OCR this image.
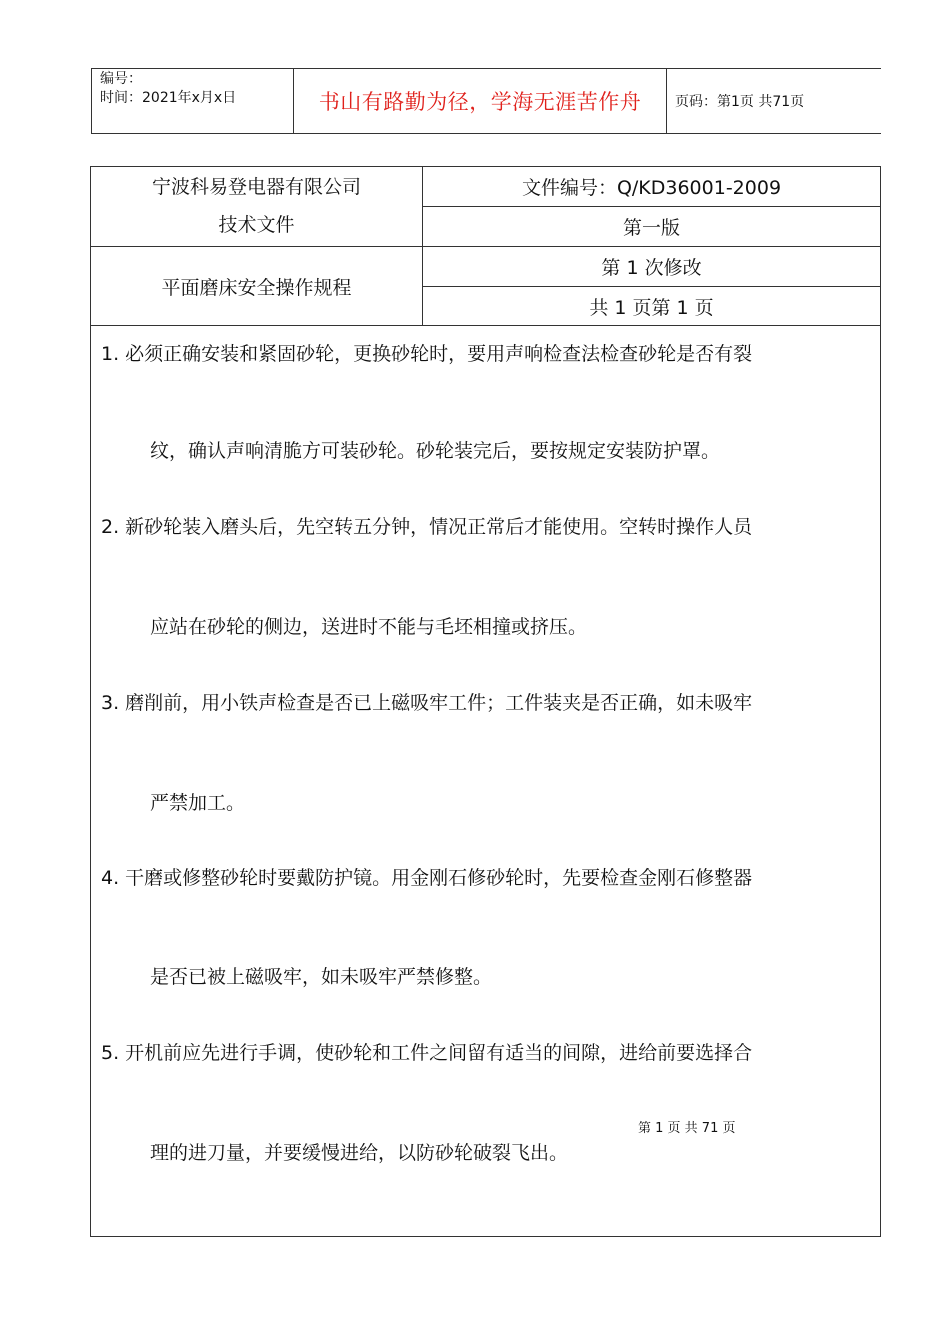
编号：
时间：2021年x月x日	书山有路勤为径，学海无涯苦作舟 页码：第1页 共71页
宁波科易登电器有限公司
技术文件
平面磨床安全操作规程
文件编号：Q/KD36001-2009
第一版
第 1 次修改
共 1 页第 1 页
1. 必须正确安装和紧固砂轮，更换砂轮时，要用声响检查法检查砂轮是否有裂
纹，确认声响清脆方可装砂轮。砂轮装完后，要按规定安装防护罩。
2. 新砂轮装入磨头后，先空转五分钟，情况正常后才能使用。空转时操作人员
应站在砂轮的侧边，送进时不能与毛坯相撞或挤压。
3. 磨削前，用小铁声检查是否已上磁吸牢工件；工件装夹是否正确，如未吸牢
严禁加工。
4. 干磨或修整砂轮时要戴防护镜。用金刚石修砂轮时，先要检查金刚石修整器
是否已被上磁吸牢，如未吸牢严禁修整。
5. 开机前应先进行手调，使砂轮和工件之间留有适当的间隙，进给前要选择合
理的进刀量，并要缓慢进给，以防砂轮破裂飞出。
第 1 页 共 71 页
